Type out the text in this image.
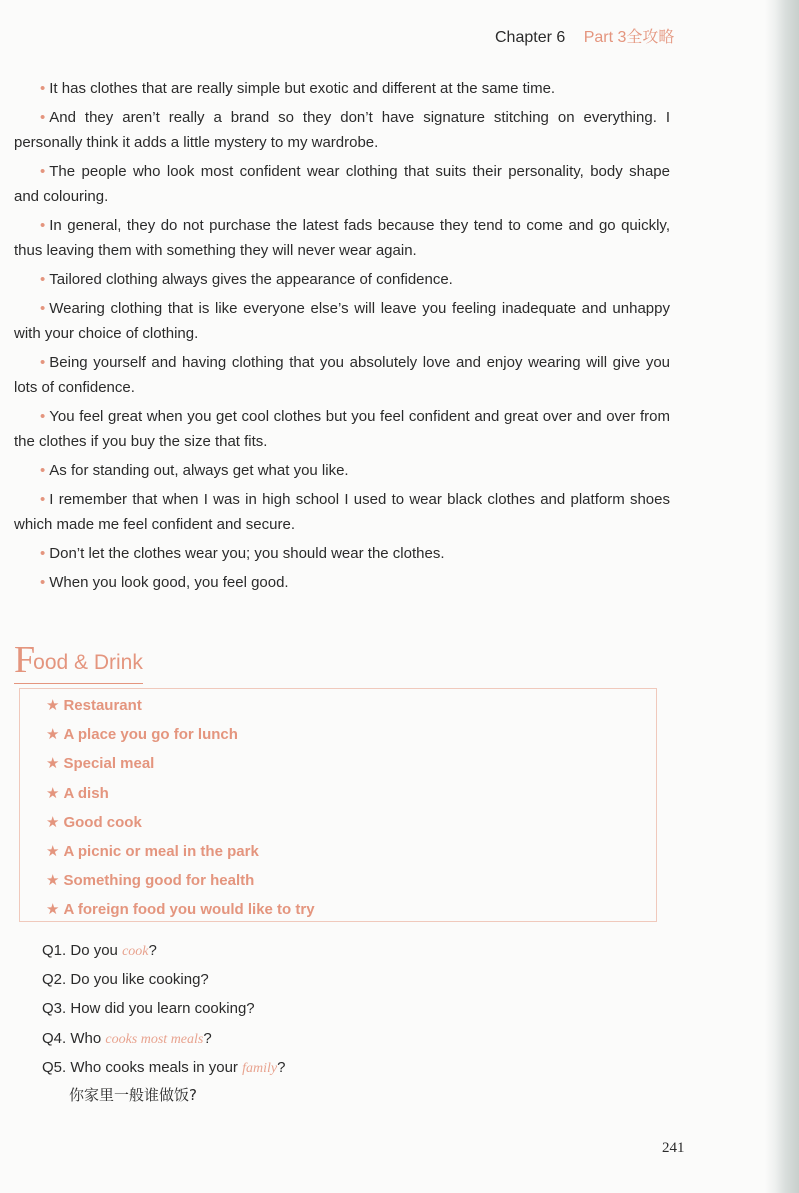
Chapter 6 Part 3全攻略

• It has clothes that are really simple but exotic and different at the same time.

• And they aren’t really a brand so they don’t have signature stitching on everything. I personally think it adds a little mystery to my wardrobe.

• The people who look most confident wear clothing that suits their personality, body shape and colouring.

• In general, they do not purchase the latest fads because they tend to come and go quickly, thus leaving them with something they will never wear again.

• Tailored clothing always gives the appearance of confidence.

• Wearing clothing that is like everyone else’s will leave you feeling inadequate and unhappy with your choice of clothing.

• Being yourself and having clothing that you absolutely love and enjoy wearing will give you lots of confidence.

• You feel great when you get cool clothes but you feel confident and great over and over from the clothes if you buy the size that fits.

• As for standing out, always get what you like.

• I remember that when I was in high school I used to wear black clothes and platform shoes which made me feel confident and secure.

• Don’t let the clothes wear you; you should wear the clothes.

• When you look good, you feel good.

Food & Drink
★ Restaurant
★ A place you go for lunch
★ Special meal
★ A dish
★ Good cook
★ A picnic or meal in the park
★ Something good for health
★ A foreign food you would like to try
Q1. Do you cook?
Q2. Do you like cooking?
Q3. How did you learn cooking?
Q4. Who cooks most meals?
Q5. Who cooks meals in your family?
你家里一般谁做饭?
241
